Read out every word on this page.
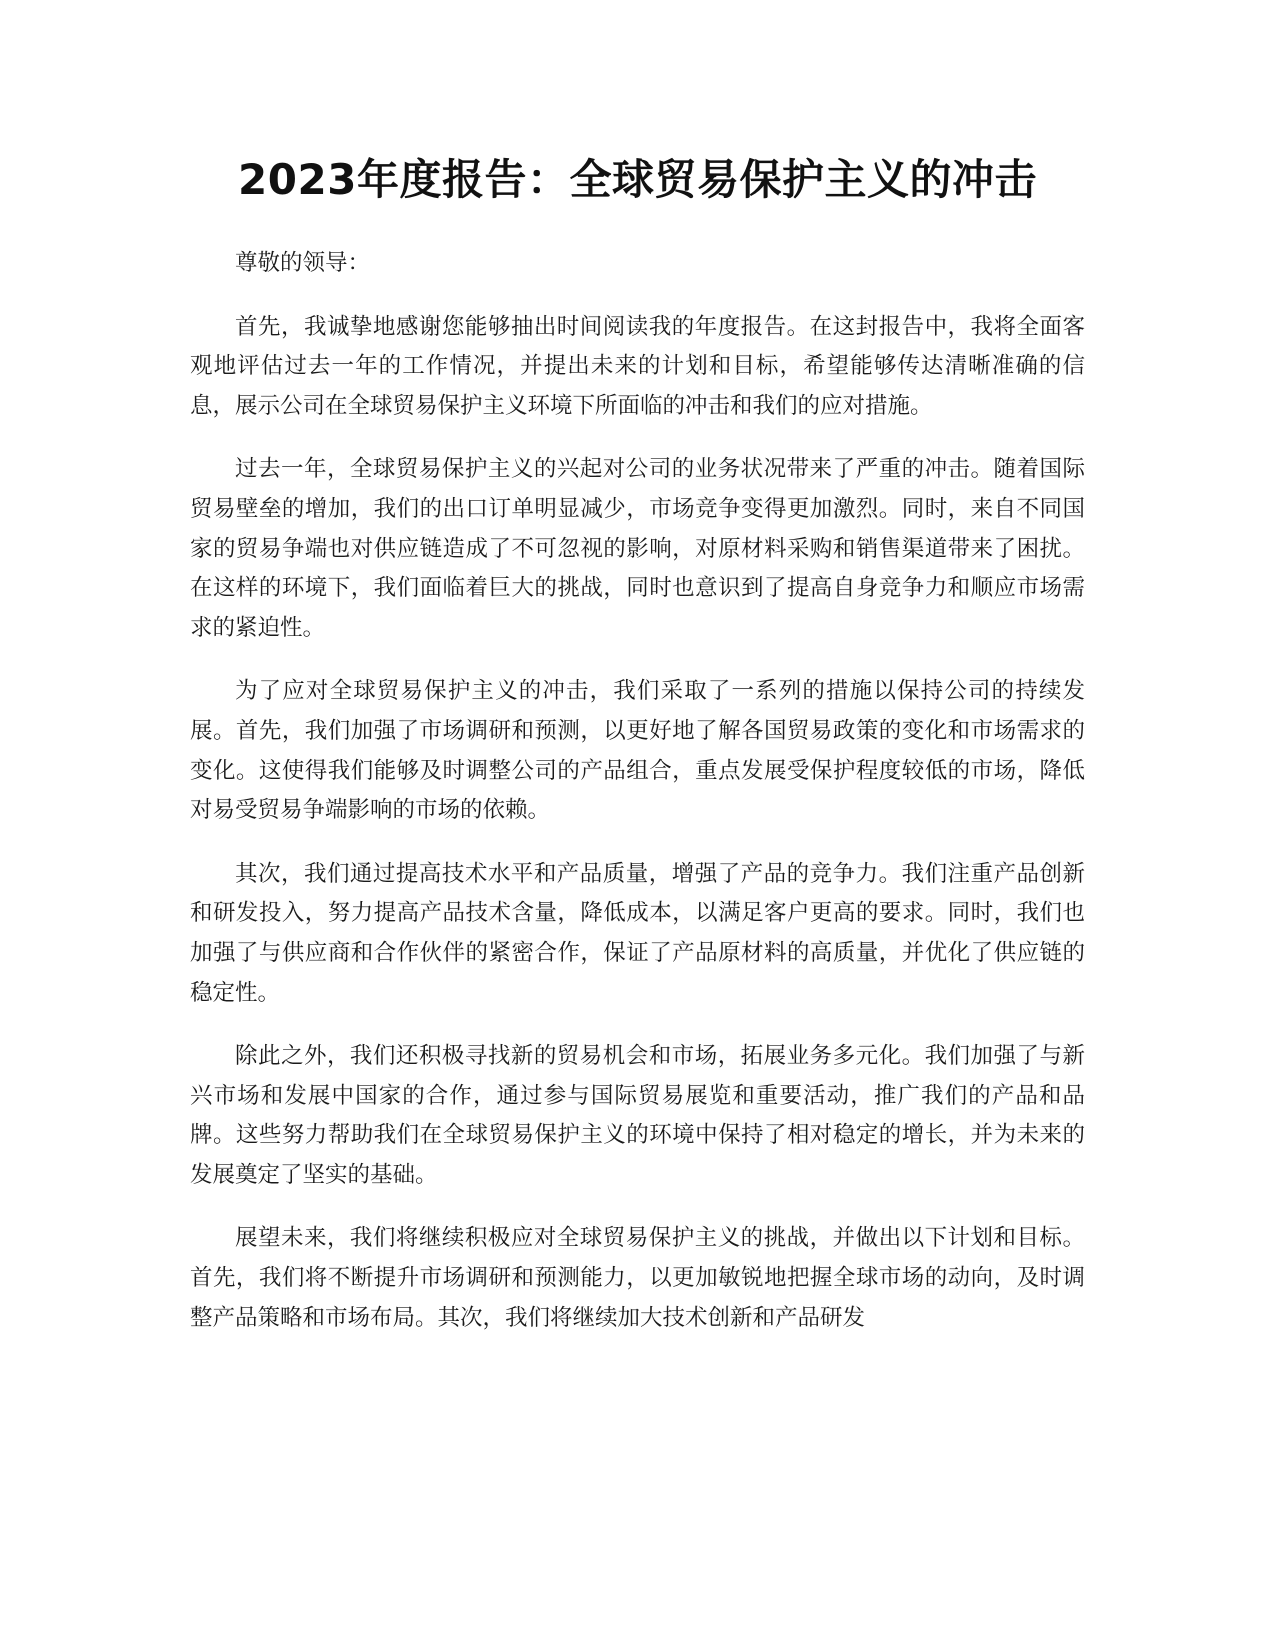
2023年度报告：全球贸易保护主义的冲击

尊敬的领导：

首先，我诚挚地感谢您能够抽出时间阅读我的年度报告。在这封报告中，我将全面客观地评估过去一年的工作情况，并提出未来的计划和目标，希望能够传达清晰准确的信息，展示公司在全球贸易保护主义环境下所面临的冲击和我们的应对措施。

过去一年，全球贸易保护主义的兴起对公司的业务状况带来了严重的冲击。随着国际贸易壁垒的增加，我们的出口订单明显减少，市场竞争变得更加激烈。同时，来自不同国家的贸易争端也对供应链造成了不可忽视的影响，对原材料采购和销售渠道带来了困扰。在这样的环境下，我们面临着巨大的挑战，同时也意识到了提高自身竞争力和顺应市场需求的紧迫性。

为了应对全球贸易保护主义的冲击，我们采取了一系列的措施以保持公司的持续发展。首先，我们加强了市场调研和预测，以更好地了解各国贸易政策的变化和市场需求的变化。这使得我们能够及时调整公司的产品组合，重点发展受保护程度较低的市场，降低对易受贸易争端影响的市场的依赖。

其次，我们通过提高技术水平和产品质量，增强了产品的竞争力。我们注重产品创新和研发投入，努力提高产品技术含量，降低成本，以满足客户更高的要求。同时，我们也加强了与供应商和合作伙伴的紧密合作，保证了产品原材料的高质量，并优化了供应链的稳定性。

除此之外，我们还积极寻找新的贸易机会和市场，拓展业务多元化。我们加强了与新兴市场和发展中国家的合作，通过参与国际贸易展览和重要活动，推广我们的产品和品牌。这些努力帮助我们在全球贸易保护主义的环境中保持了相对稳定的增长，并为未来的发展奠定了坚实的基础。

展望未来，我们将继续积极应对全球贸易保护主义的挑战，并做出以下计划和目标。首先，我们将不断提升市场调研和预测能力，以更加敏锐地把握全球市场的动向，及时调整产品策略和市场布局。其次，我们将继续加大技术创新和产品研发
